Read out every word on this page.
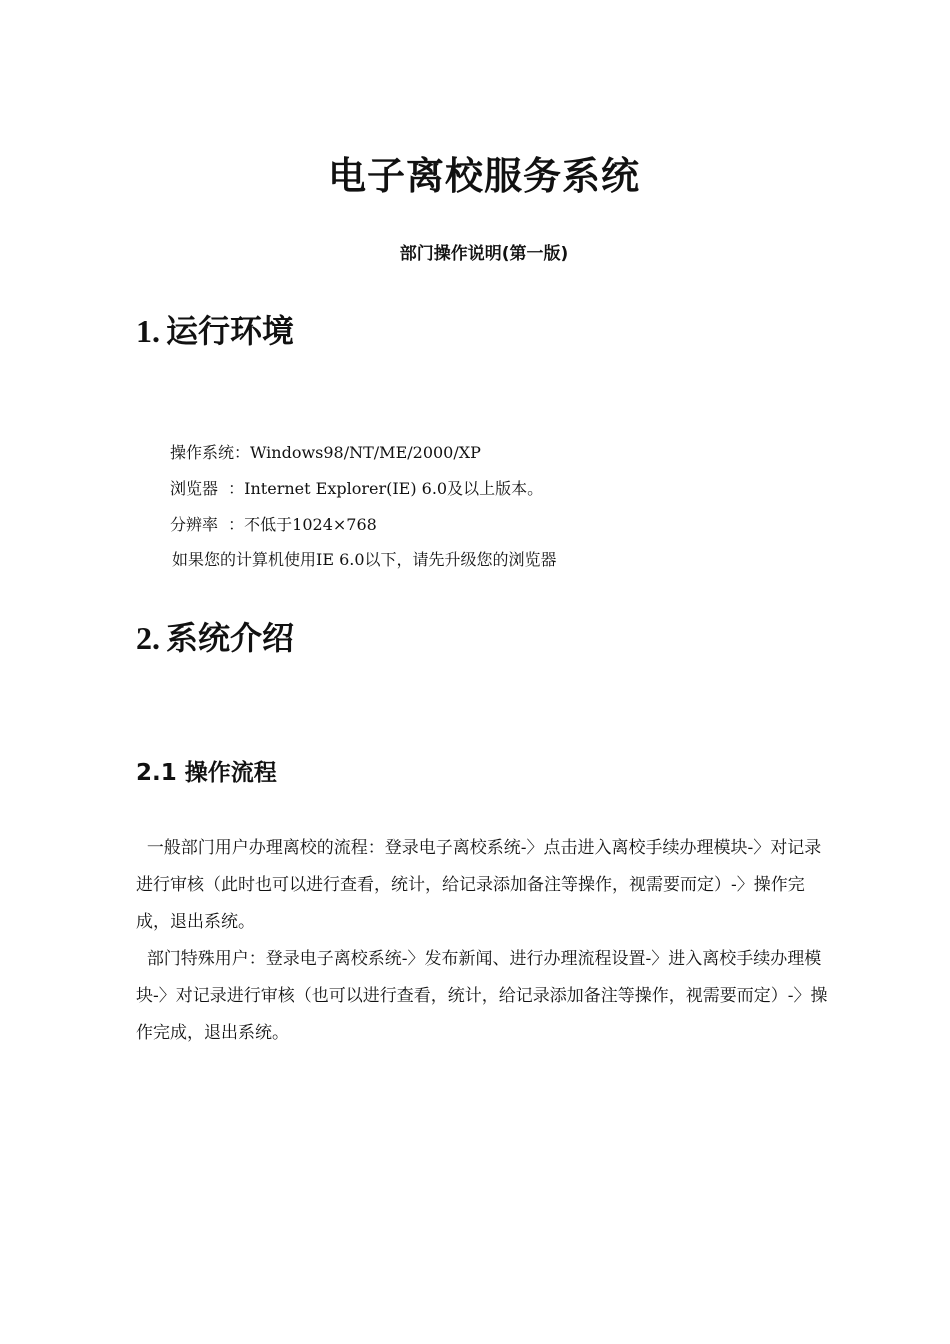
电子离校服务系统
部门操作说明(第一版)
1. 运行环境

操作系统：Windows98/NT/ME/2000/XP

浏览器  ：Internet Explorer(IE) 6.0及以上版本。

分辨率  ：不低于1024×768

如果您的计算机使用IE 6.0以下，请先升级您的浏览器

2. 系统介绍
2.1 操作流程

一般部门用户办理离校的流程：登录电子离校系统-〉点击进入离校手续办理模块-〉对记录进行审核（此时也可以进行查看，统计，给记录添加备注等操作，视需要而定）-〉操作完成，退出系统。

部门特殊用户：登录电子离校系统-〉发布新闻、进行办理流程设置-〉进入离校手续办理模块-〉对记录进行审核（也可以进行查看，统计，给记录添加备注等操作，视需要而定）-〉操作完成，退出系统。
